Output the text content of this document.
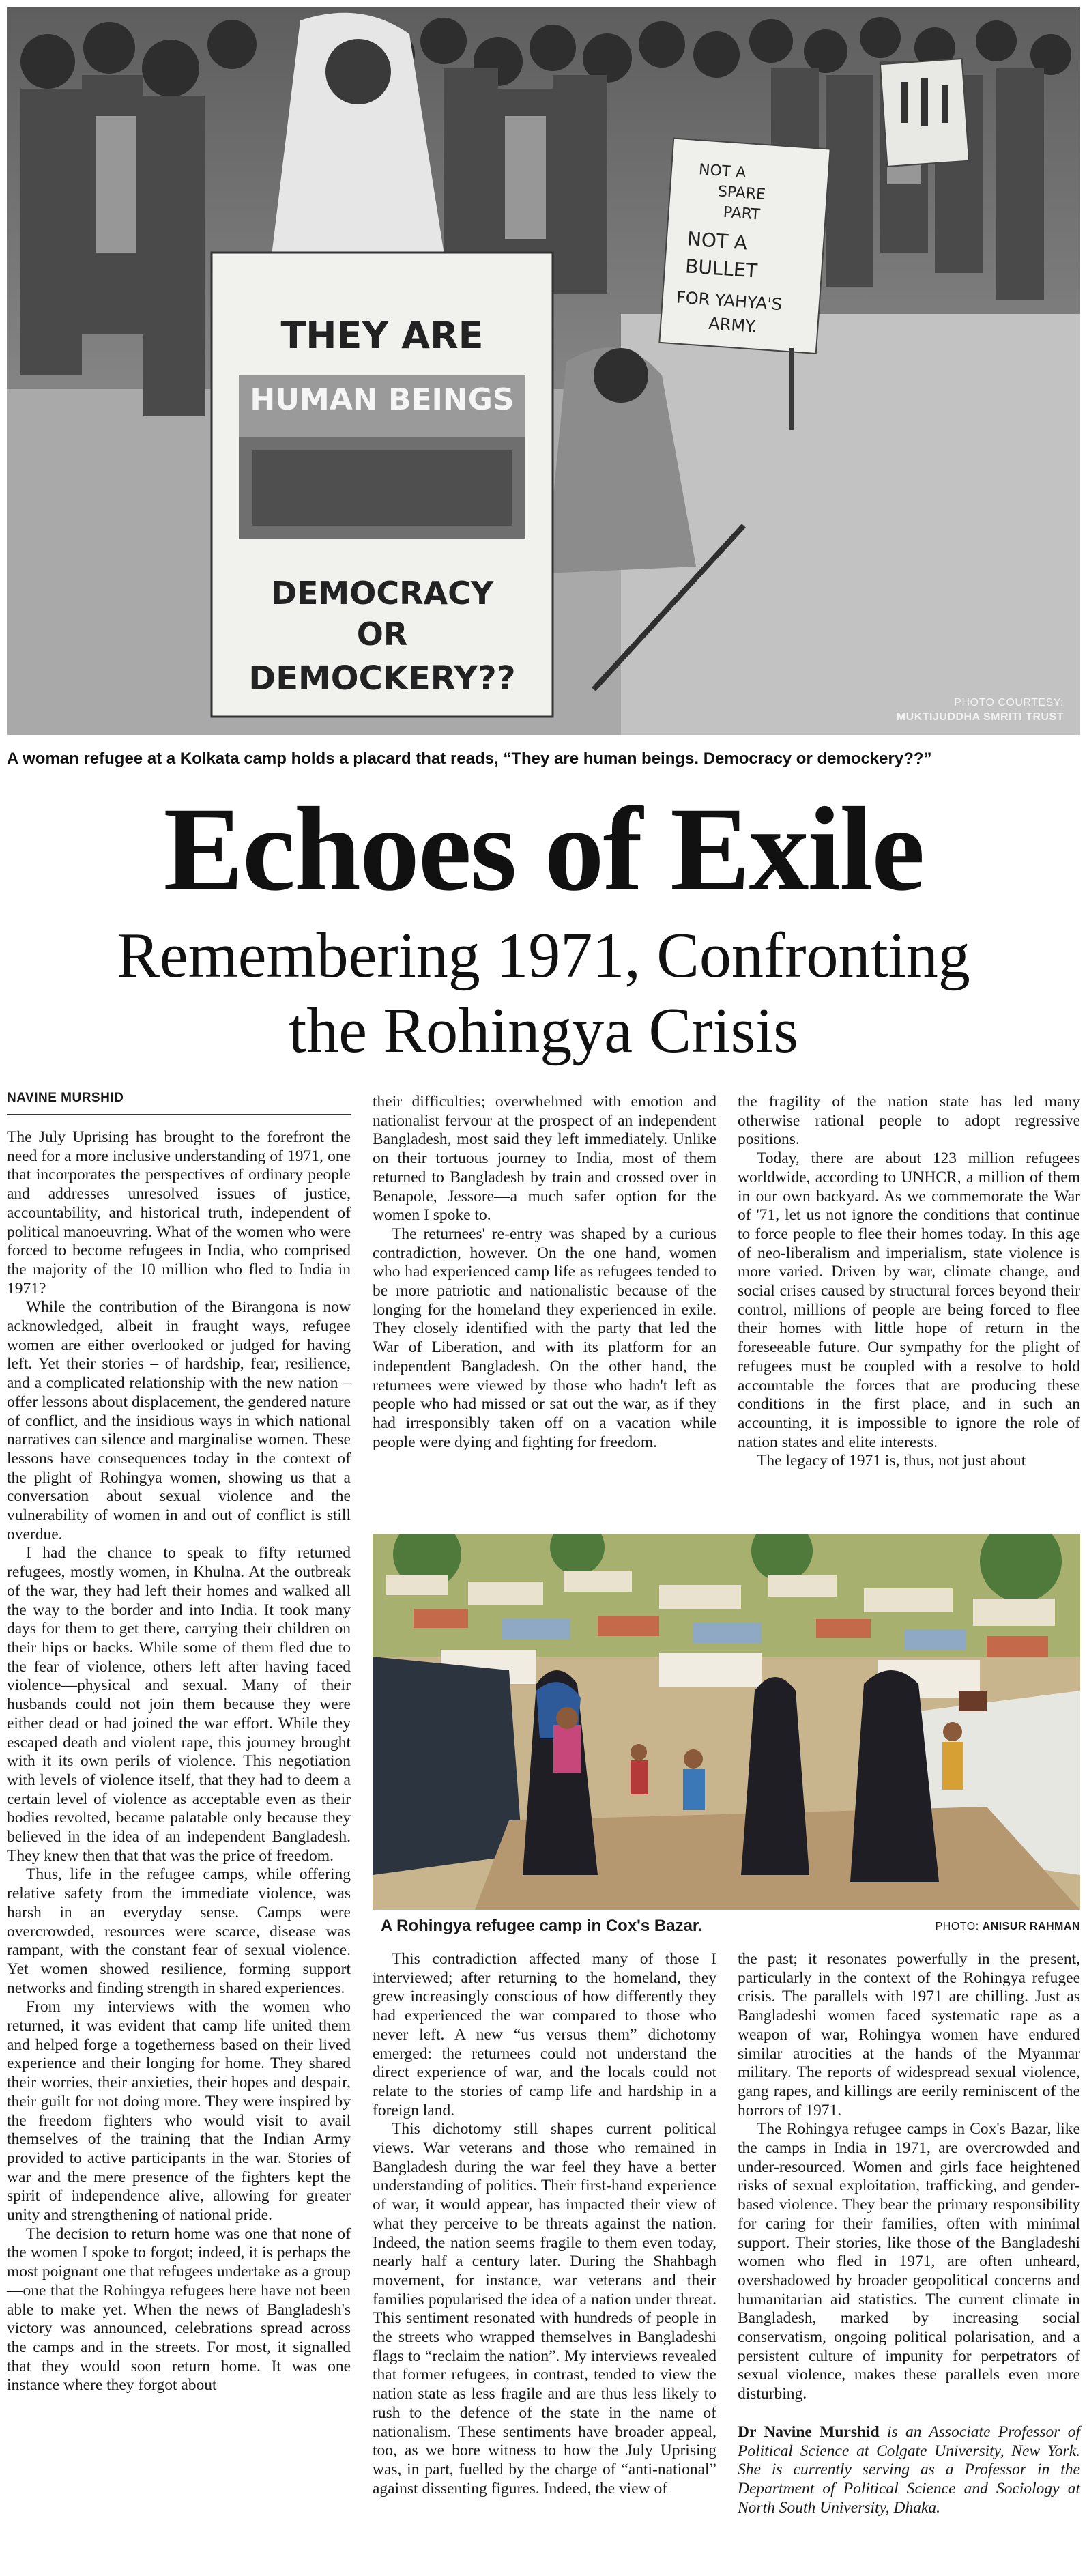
THEY ARE
HUMAN BEINGS
DEMOCRACY
OR
DEMOCKERY??
NOT A
SPARE
PART
NOT A
BULLET
FOR YAHYA'S
ARMY.
PHOTO COURTESY:
MUKTIJUDDHA SMRITI TRUST
A woman refugee at a Kolkata camp holds a placard that reads, “They are human beings. Democracy or demockery??”
Echoes of Exile
Remembering 1971, Confronting
the Rohingya Crisis
NAVINE MURSHID

The July Uprising has brought to the forefront the need for a more inclusive understanding of 1971, one that incorporates the perspectives of ordinary people and addresses unresolved issues of justice, accountability, and historical truth, independent of political manoeuvring. What of the women who were forced to become refugees in India, who comprised the majority of the 10 million who fled to India in 1971?

While the contribution of the Birangona is now acknowledged, albeit in fraught ways, refugee women are either overlooked or judged for having left. Yet their stories – of hardship, fear, resilience, and a complicated relationship with the new nation – offer lessons about displacement, the gendered nature of conflict, and the insidious ways in which national narratives can silence and marginalise women. These lessons have consequences today in the context of the plight of Rohingya women, showing us that a conversation about sexual violence and the vulnerability of women in and out of conflict is still overdue.

I had the chance to speak to fifty returned refugees, mostly women, in Khulna. At the outbreak of the war, they had left their homes and walked all the way to the border and into India. It took many days for them to get there, carrying their children on their hips or backs. While some of them fled due to the fear of violence, others left after having faced violence—physical and sexual. Many of their husbands could not join them because they were either dead or had joined the war effort. While they escaped death and violent rape, this journey brought with it its own perils of violence. This negotiation with levels of violence itself, that they had to deem a certain level of violence as acceptable even as their bodies revolted, became palatable only because they believed in the idea of an independent Bangladesh. They knew then that that was the price of freedom.

Thus, life in the refugee camps, while offering relative safety from the immediate violence, was harsh in an everyday sense. Camps were overcrowded, resources were scarce, disease was rampant, with the constant fear of sexual violence. Yet women showed resilience, forming support networks and finding strength in shared experiences.

From my interviews with the women who returned, it was evident that camp life united them and helped forge a togetherness based on their lived experience and their longing for home. They shared their worries, their anxieties, their hopes and despair, their guilt for not doing more. They were inspired by the freedom fighters who would visit to avail themselves of the training that the Indian Army provided to active participants in the war. Stories of war and the mere presence of the fighters kept the spirit of independence alive, allowing for greater unity and strengthening of national pride.

The decision to return home was one that none of the women I spoke to forgot; indeed, it is perhaps the most poignant one that refugees undertake as a group—one that the Rohingya refugees here have not been able to make yet. When the news of Bangladesh's victory was announced, celebrations spread across the camps and in the streets. For most, it signalled that they would soon return home. It was one instance where they forgot about

their difficulties; overwhelmed with emotion and nationalist fervour at the prospect of an independent Bangladesh, most said they left immediately. Unlike on their tortuous journey to India, most of them returned to Bangladesh by train and crossed over in Benapole, Jessore—a much safer option for the women I spoke to.

The returnees' re-entry was shaped by a curious contradiction, however. On the one hand, women who had experienced camp life as refugees tended to be more patriotic and nationalistic because of the longing for the homeland they experienced in exile. They closely identified with the party that led the War of Liberation, and with its platform for an independent Bangladesh. On the other hand, the returnees were viewed by those who hadn't left as people who had missed or sat out the war, as if they had irresponsibly taken off on a vacation while people were dying and fighting for freedom.

the fragility of the nation state has led many otherwise rational people to adopt regressive positions.

Today, there are about 123 million refugees worldwide, according to UNHCR, a million of them in our own backyard. As we commemorate the War of '71, let us not ignore the conditions that continue to force people to flee their homes today. In this age of neo-liberalism and imperialism, state violence is more varied. Driven by war, climate change, and social crises caused by structural forces beyond their control, millions of people are being forced to flee their homes with little hope of return in the foreseeable future. Our sympathy for the plight of refugees must be coupled with a resolve to hold accountable the forces that are producing these conditions in the first place, and in such an accounting, it is impossible to ignore the role of nation states and elite interests.

The legacy of 1971 is, thus, not just about

A Rohingya refugee camp in Cox's Bazar.	PHOTO: ANISUR RAHMAN

This contradiction affected many of those I interviewed; after returning to the homeland, they grew increasingly conscious of how differently they had experienced the war compared to those who never left. A new “us versus them” dichotomy emerged: the returnees could not understand the direct experience of war, and the locals could not relate to the stories of camp life and hardship in a foreign land.

This dichotomy still shapes current political views. War veterans and those who remained in Bangladesh during the war feel they have a better understanding of politics. Their first-hand experience of war, it would appear, has impacted their view of what they perceive to be threats against the nation. Indeed, the nation seems fragile to them even today, nearly half a century later. During the Shahbagh movement, for instance, war veterans and their families popularised the idea of a nation under threat. This sentiment resonated with hundreds of people in the streets who wrapped themselves in Bangladeshi flags to “reclaim the nation”. My interviews revealed that former refugees, in contrast, tended to view the nation state as less fragile and are thus less likely to rush to the defence of the state in the name of nationalism. These sentiments have broader appeal, too, as we bore witness to how the July Uprising was, in part, fuelled by the charge of “anti-national” against dissenting figures. Indeed, the view of

the past; it resonates powerfully in the present, particularly in the context of the Rohingya refugee crisis. The parallels with 1971 are chilling. Just as Bangladeshi women faced systematic rape as a weapon of war, Rohingya women have endured similar atrocities at the hands of the Myanmar military. The reports of widespread sexual violence, gang rapes, and killings are eerily reminiscent of the horrors of 1971.

The Rohingya refugee camps in Cox's Bazar, like the camps in India in 1971, are overcrowded and under-resourced. Women and girls face heightened risks of sexual exploitation, trafficking, and gender-based violence. They bear the primary responsibility for caring for their families, often with minimal support. Their stories, like those of the Bangladeshi women who fled in 1971, are often unheard, overshadowed by broader geopolitical concerns and humanitarian aid statistics. The current climate in Bangladesh, marked by increasing social conservatism, ongoing political polarisation, and a persistent culture of impunity for perpetrators of sexual violence, makes these parallels even more disturbing.

Dr Navine Murshid is an Associate Professor of Political Science at Colgate University, New York. She is currently serving as a Professor in the Department of Political Science and Sociology at North South University, Dhaka.
